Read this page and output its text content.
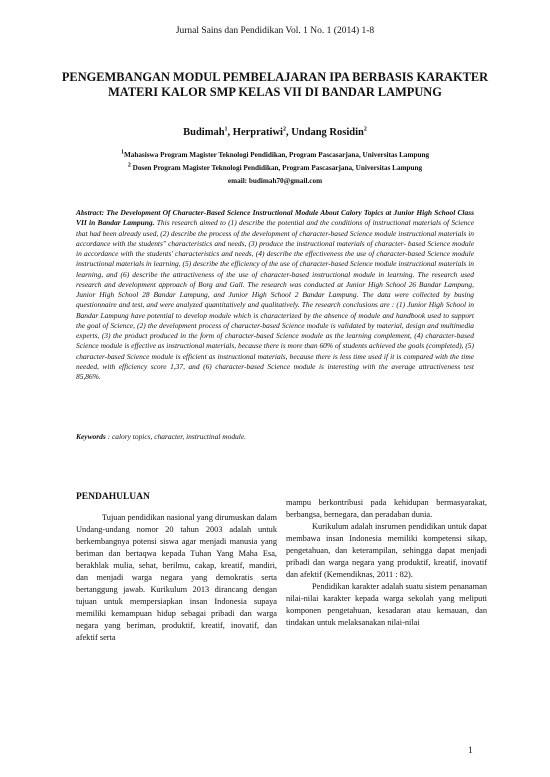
Jurnal Sains dan Pendidikan Vol. 1 No. 1 (2014) 1-8
PENGEMBANGAN MODUL PEMBELAJARAN IPA BERBASIS KARAKTER MATERI KALOR SMP KELAS VII DI BANDAR LAMPUNG
Budimah$^1$, Herpratiwi$^2$, Undang Rosidin$^2$
$^1$Mahasiswa Program Magister Teknologi Pendidikan, Program Pascasarjana, Universitas Lampung
$^2$ Dosen Program Magister Teknologi Pendidikan, Program Pascasarjana, Universitas Lampung
email: budimah70@gmail.com
Abstract: The Development Of Character-Based Science Instructional Module About Calory Topics at Junior High School Class VII in Bandar Lampung. This research aimed to (1) describe the potential and the conditions of instructional materials of Science that had been already used, (2) describe the process of the development of character-based Science module instructional materials in accordance with the students" characteristics and needs, (3) produce the instructional materials of character- based Science module in accordance with the students' characteristics and needs, (4) describe the effectiveness the use of character-based Science module instructional materials in learning, (5) describe the efficiency of the use of character-based Science module instructional materials in learning, and (6) describe the attractiveness of the use of character-based instructional module in learning. The research used research and development approach of Borg and Gall. The research was conducted at Junior High School 26 Bandar Lampung, Junior High School 28 Bandar Lampung, and Junior High School 2 Bandar Lampung. The data were collected by busing questionnaire and test, and were analyzed quantitatively and qualitatively. The research conclusions are : (1) Junior High School in Bandar Lampung have potential to develop module which is characterized by the absence of module and handbook used to support the goal of Science, (2) the development process of character-based Science module is validated by material, design and multimedia experts, (3) the product produced in the form of character-based Science module as the learning complement, (4) character-based Science module is effective as instructional materials, because there is more than 60% of students achieved the goals (completed), (5) character-based Science module is efficient as instructional materials, because there is less time used if it is compared with the time needed, with efficiency score 1,37, and (6) character-based Science module is interesting with the average attractiveness test 85,86%.
Keywords : calory topics, character, instructinal module.
PENDAHULUAN

Tujuan pendidikan nasional yang dirumuskan dalam Undang-undang nomor 20 tahun 2003 adalah untuk berkembangnya potensi siswa agar menjadi manusia yang beriman dan bertaqwa kepada Tuhan Yang Maha Esa, berakhlak mulia, sehat, berilmu, cakap, kreatif, mandiri, dan menjadi warga negara yang demokratis serta bertanggung jawab. Kurikulum 2013 dirancang dengan tujuan untuk mempersiapkan insan Indonesia supaya memiliki kemampuan hidup sebagai pribadi dan warga negara yang beriman, produktif, kreatif, inovatif, dan afektif serta

mampu berkontribusi pada kehidupan bermasyarakat, berbangsa, bernegara, dan peradaban dunia.

Kurikulum adalah insrumen pendidikan untuk dapat membawa insan Indonesia memiliki kompetensi sikap, pengetahuan, dan keterampilan, sehingga dapat menjadi pribadi dan warga negara yang produktif, kreatif, inovatif dan afektif (Kemendiknas, 2011 : 82).

Pendidikan karakter adalah suatu sistem penanaman nilai-nilai karakter kepada warga sekolah yang meliputi komponen pengetahuan, kesadaran atau kemauan, dan tindakan untuk melaksanakan nilai-nilai

1
